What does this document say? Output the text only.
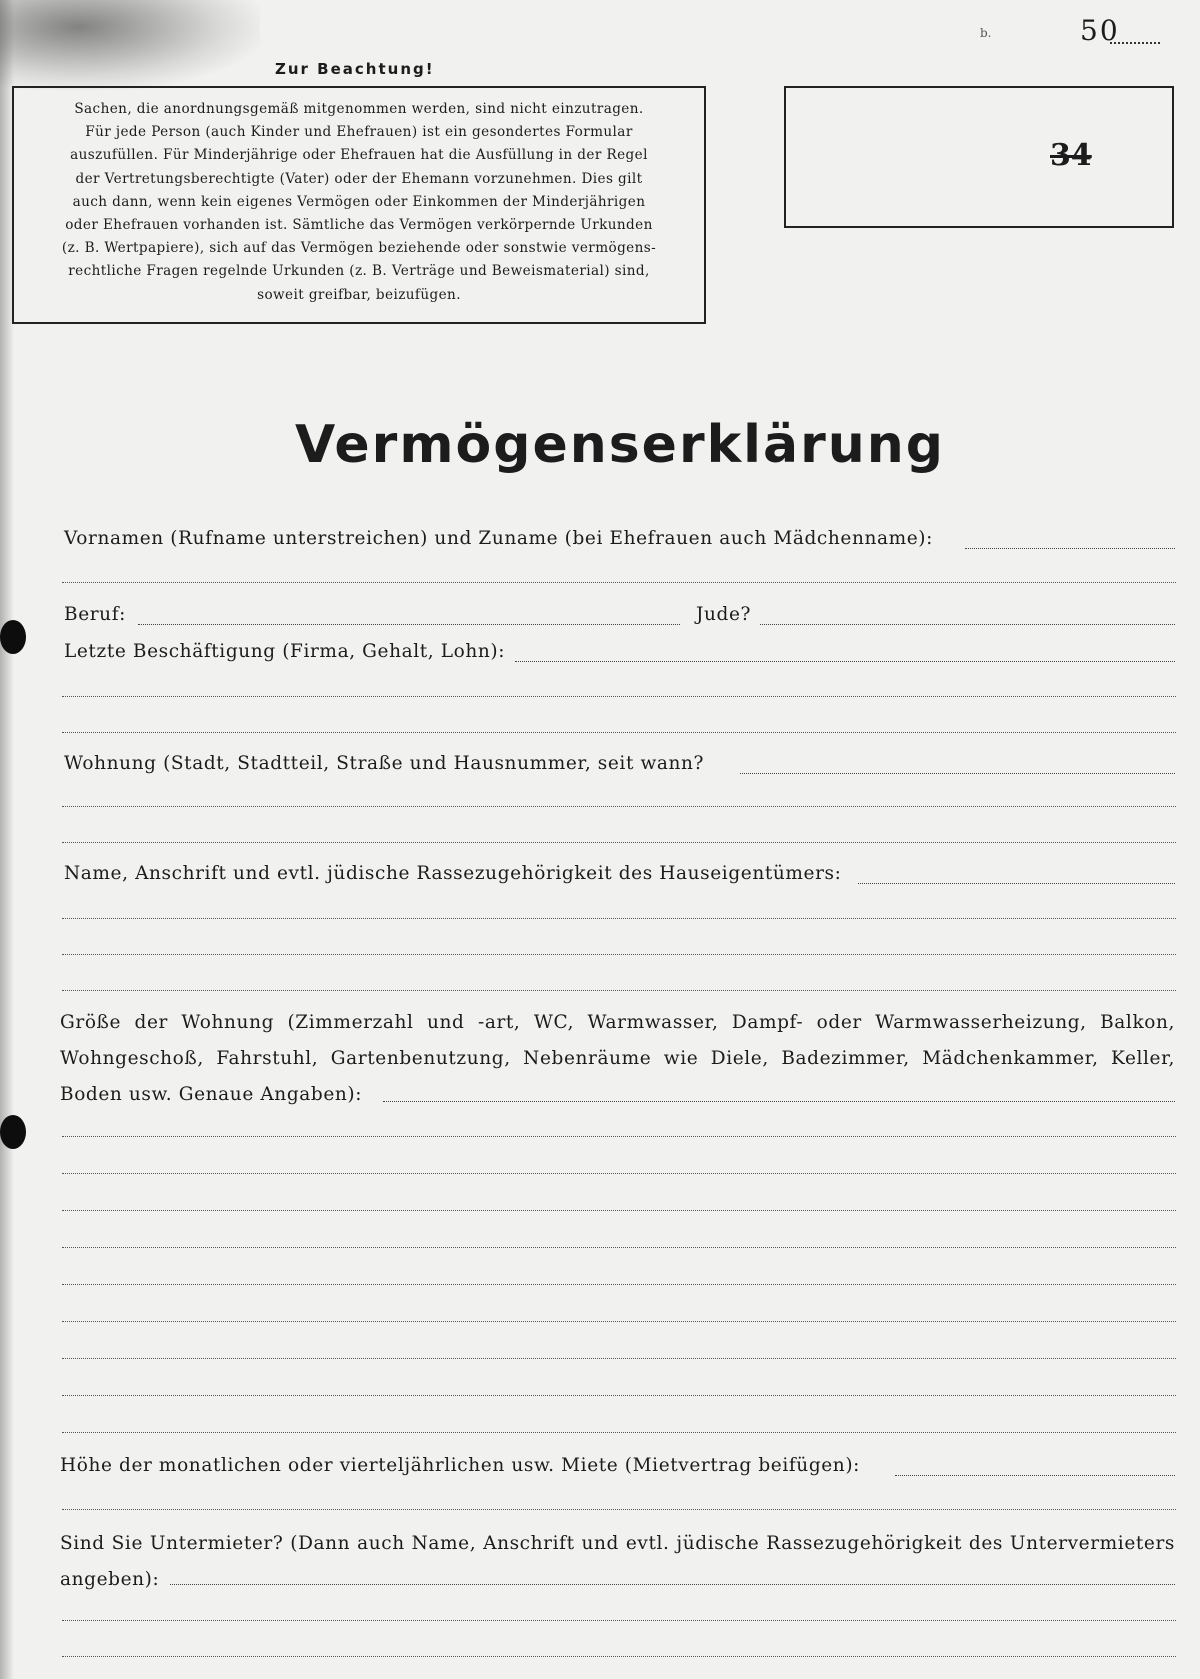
b.	50
Zur Beachtung!
Sachen, die anordnungsgemäß mitgenommen werden, sind nicht einzutragen.
Für jede Person (auch Kinder und Ehefrauen) ist ein gesondertes Formular
auszufüllen. Für Minderjährige oder Ehefrauen hat die Ausfüllung in der Regel
der Vertretungsberechtigte (Vater) oder der Ehemann vorzunehmen. Dies gilt
auch dann, wenn kein eigenes Vermögen oder Einkommen der Minderjährigen
oder Ehefrauen vorhanden ist. Sämtliche das Vermögen verkörpernde Urkunden
(z. B. Wertpapiere), sich auf das Vermögen beziehende oder sonstwie vermögens-
rechtliche Fragen regelnde Urkunden (z. B. Verträge und Beweismaterial) sind,
soweit greifbar, beizufügen.
34
Vermögenserklärung
Vornamen (Rufname unterstreichen) und Zuname (bei Ehefrauen auch Mädchenname):
Beruf:	Jude?
Letzte Beschäftigung (Firma, Gehalt, Lohn):
Wohnung (Stadt, Stadtteil, Straße und Hausnummer, seit wann?
Name, Anschrift und evtl. jüdische Rassezugehörigkeit des Hauseigentümers:
Größe der Wohnung (Zimmerzahl und -art, WC, Warmwasser, Dampf- oder Warmwasserheizung, Balkon, Wohngeschoß, Fahrstuhl, Gartenbenutzung, Nebenräume wie Diele, Badezimmer, Mädchenkammer, Keller, Boden usw. Genaue Angaben):
Höhe der monatlichen oder vierteljährlichen usw. Miete (Mietvertrag beifügen):
Sind Sie Untermieter? (Dann auch Name, Anschrift und evtl. jüdische Rassezugehörigkeit des Untervermieters angeben):
